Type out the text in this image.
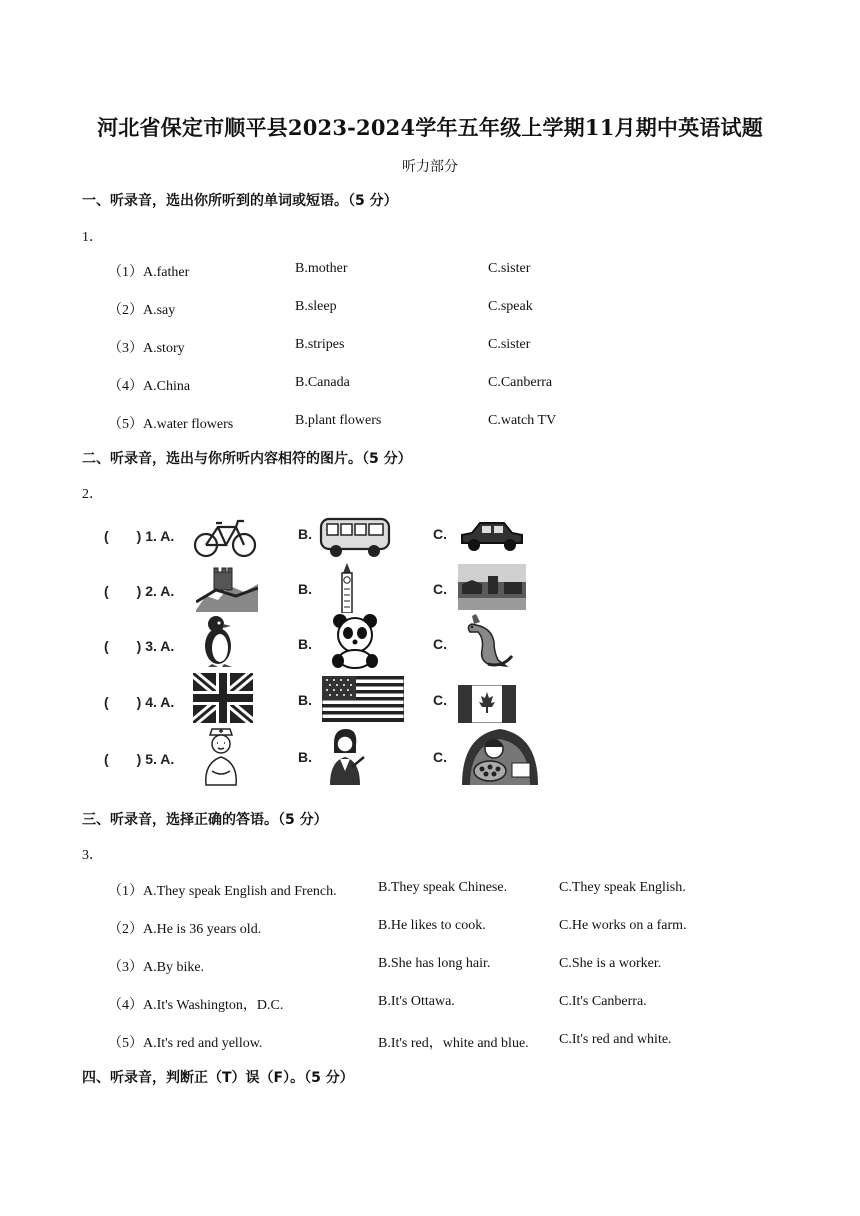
河北省保定市顺平县2023-2024学年五年级上学期11月期中英语试题
听力部分
一、听录音，选出你所听到的单词或短语。（5 分）
1．
（1）A.father	B.mother	C.sister
（2）A.say	B.sleep	C.speak
（3）A.story	B.stripes	C.sister
（4）A.China	B.Canada	C.Canberra
（5）A.water flowers	B.plant flowers	C.watch TV
二、听录音，选出与你所听内容相符的图片。（5 分）
2．
(　　) 1. A.	B.	C.
(　　) 2. A.	B.	C.
(　　) 3. A.	B.	C.
(　　) 4. A.	B.	C.
(　　) 5. A.	B.	C.
三、听录音，选择正确的答语。（5 分）
3．
（1）A.They speak English and French.	B.They speak Chinese.	C.They speak English.
（2）A.He is 36 years old.	B.He likes to cook.	C.He works on a farm.
（3）A.By bike.	B.She has long hair.	C.She is a worker.
（4）A.It's Washington，D.C.	B.It's Ottawa.	C.It's Canberra.
（5）A.It's red and yellow.	B.It's red，white and blue. C.It's red and white.
四、听录音，判断正（T）误（F）。（5 分）
